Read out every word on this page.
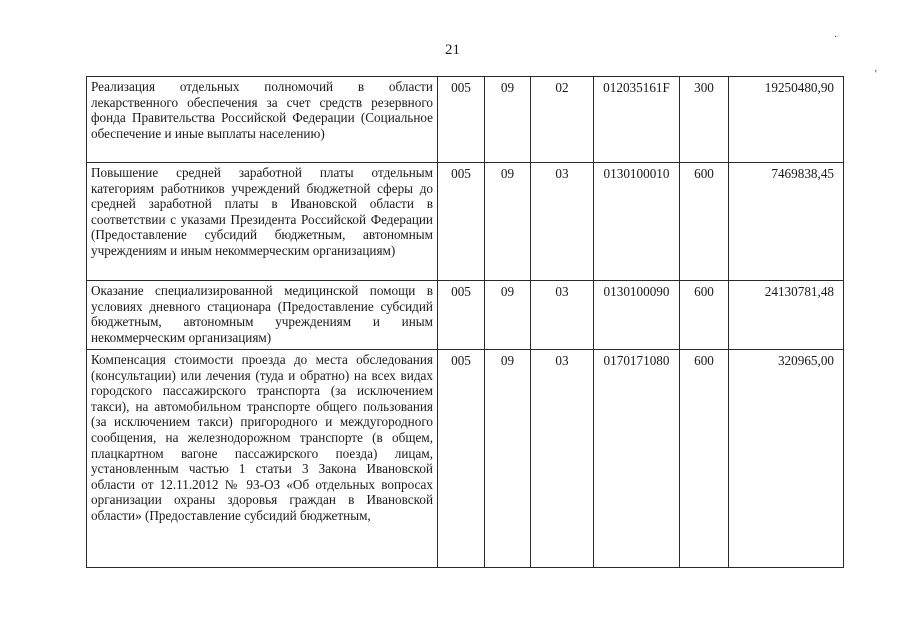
21
·
'
Реализация отдельных полномочий в области лекарственного обеспечения за счет средств резервного фонда Правительства Российской Федерации (Социальное обеспечение и иные выплаты населению)	005	09	02	012035161F	300	19250480,90
Повышение средней заработной платы отдельным категориям работников учреждений бюджетной сферы до средней заработной платы в Ивановской области в соответствии с указами Президента Российской Федерации (Предоставление субсидий бюджетным, автономным учреждениям и иным некоммерческим организациям)	005	09	03	0130100010	600	7469838,45
Оказание специализированной медицинской помощи в условиях дневного стационара (Предоставление субсидий бюджетным, автономным учреждениям и иным некоммерческим организациям)	005	09	03	0130100090	600	24130781,48
Компенсация стоимости проезда до места обследования (консультации) или лечения (туда и обратно) на всех видах городского пассажирского транспорта (за исключением такси), на автомобильном транспорте общего пользования (за исключением такси) пригородного и междугородного сообщения, на железнодорожном транспорте (в общем, плацкартном вагоне пассажирского поезда) лицам, установленным частью 1 статьи 3 Закона Ивановской области от 12.11.2012 № 93-ОЗ «Об отдельных вопросах организации охраны здоровья граждан в Ивановской области» (Предоставление субсидий бюджетным,	005	09	03	0170171080	600	320965,00
